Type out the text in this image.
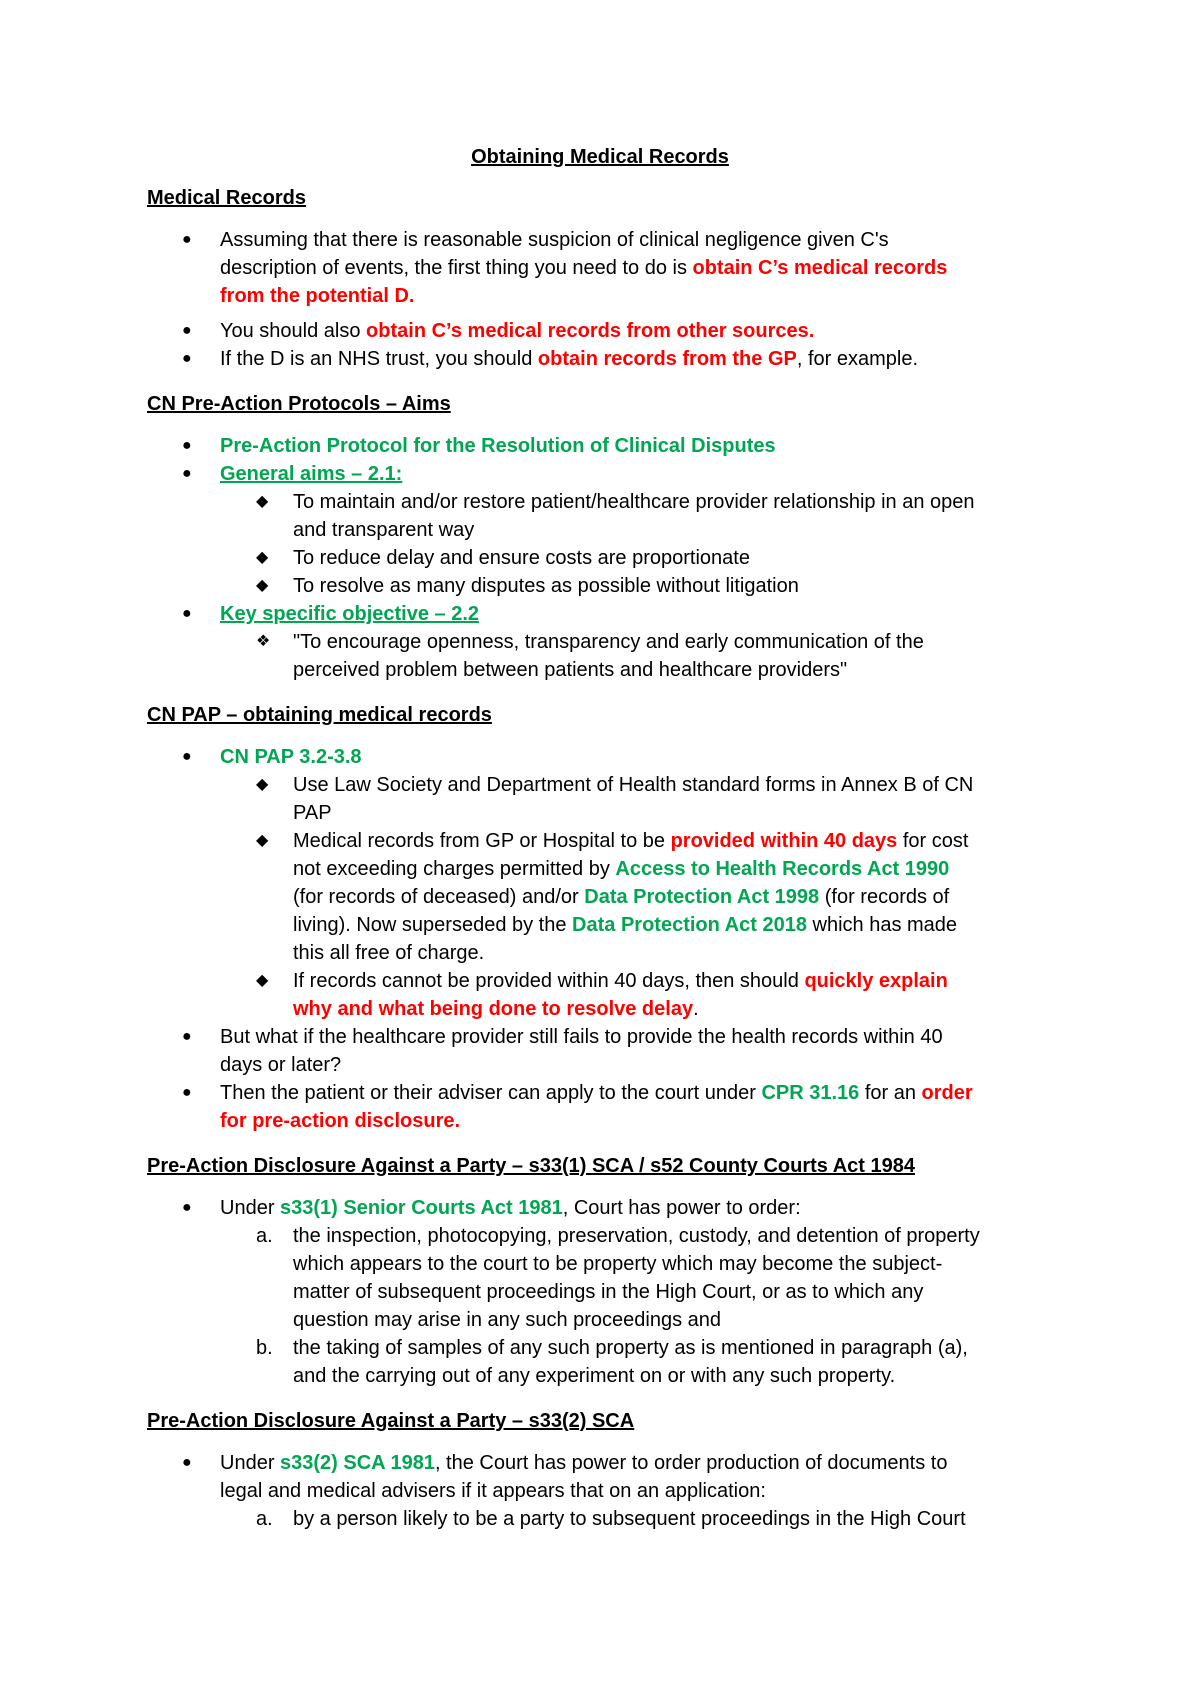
Obtaining Medical Records
Medical Records
● Assuming that there is reasonable suspicion of clinical negligence given C's
description of events, the first thing you need to do is obtain C’s medical records
from the potential D.
● You should also obtain C’s medical records from other sources.
● If the D is an NHS trust, you should obtain records from the GP, for example.
CN Pre-Action Protocols – Aims
● Pre-Action Protocol for the Resolution of Clinical Disputes
● General aims – 2.1:
◆ To maintain and/or restore patient/healthcare provider relationship in an open
and transparent way
◆ To reduce delay and ensure costs are proportionate
◆ To resolve as many disputes as possible without litigation
● Key specific objective – 2.2
❖ "To encourage openness, transparency and early communication of the
perceived problem between patients and healthcare providers"
CN PAP – obtaining medical records
● CN PAP 3.2-3.8
◆ Use Law Society and Department of Health standard forms in Annex B of CN
PAP
◆ Medical records from GP or Hospital to be provided within 40 days for cost
not exceeding charges permitted by Access to Health Records Act 1990
(for records of deceased) and/or Data Protection Act 1998 (for records of
living). Now superseded by the Data Protection Act 2018 which has made
this all free of charge.
◆ If records cannot be provided within 40 days, then should quickly explain
why and what being done to resolve delay.
● But what if the healthcare provider still fails to provide the health records within 40
days or later?
● Then the patient or their adviser can apply to the court under CPR 31.16 for an order
for pre-action disclosure.
Pre-Action Disclosure Against a Party – s33(1) SCA / s52 County Courts Act 1984
● Under s33(1) Senior Courts Act 1981, Court has power to order:
a. the inspection, photocopying, preservation, custody, and detention of property
which appears to the court to be property which may become the subject-
matter of subsequent proceedings in the High Court, or as to which any
question may arise in any such proceedings and
b. the taking of samples of any such property as is mentioned in paragraph (a),
and the carrying out of any experiment on or with any such property.
Pre-Action Disclosure Against a Party – s33(2) SCA
● Under s33(2) SCA 1981, the Court has power to order production of documents to
legal and medical advisers if it appears that on an application:
a. by a person likely to be a party to subsequent proceedings in the High Court
